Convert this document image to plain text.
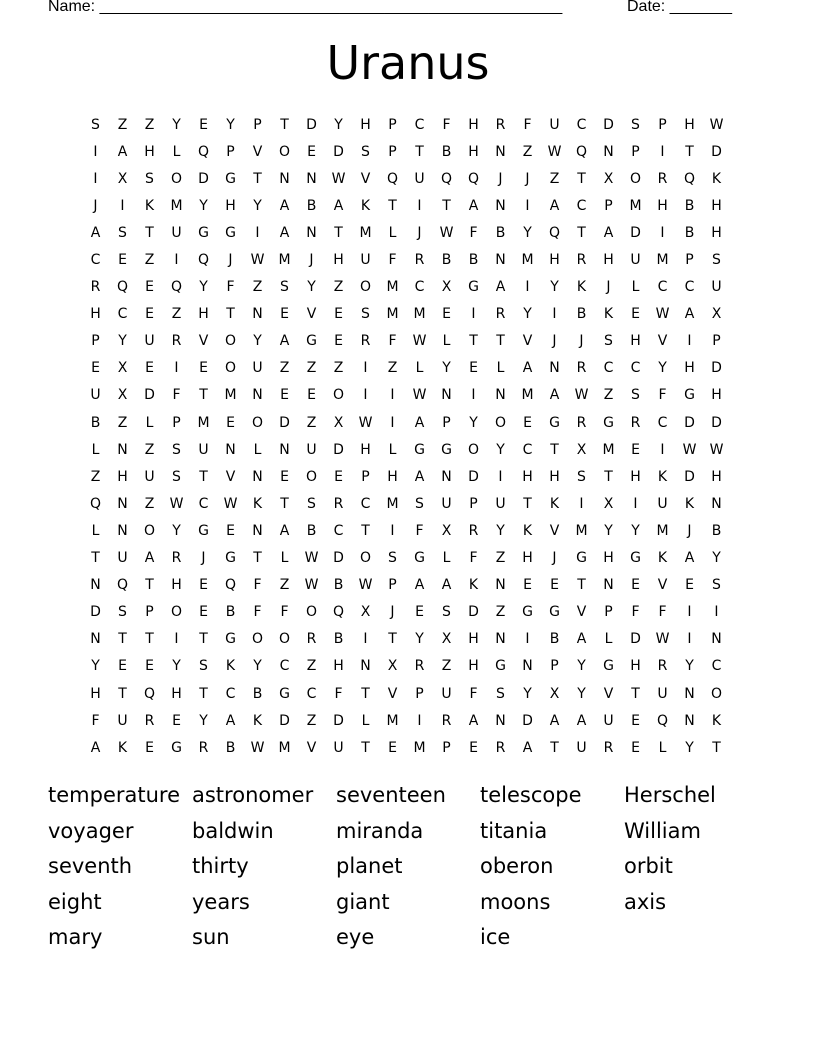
Name: ____________________________________________________	Date: _______
Uranus
S	Z	Z	Y	E	Y	P	T	D	Y	H	P	C	F	H	R	F	U	C	D	S	P	H	W
I	A	H	L	Q	P	V	O	E	D	S	P	T	B	H	N	Z	W	Q	N	P	I	T	D
I	X	S	O	D	G	T	N	N	W	V	Q	U	Q	Q	J	J	Z	T	X	O	R	Q	K
J	I	K	M	Y	H	Y	A	B	A	K	T	I	T	A	N	I	A	C	P	M	H	B	H
A	S	T	U	G	G	I	A	N	T	M	L	J	W	F	B	Y	Q	T	A	D	I	B	H
C	E	Z	I	Q	J	W	M	J	H	U	F	R	B	B	N	M	H	R	H	U	M	P	S
R	Q	E	Q	Y	F	Z	S	Y	Z	O	M	C	X	G	A	I	Y	K	J	L	C	C	U
H	C	E	Z	H	T	N	E	V	E	S	M	M	E	I	R	Y	I	B	K	E	W	A	X
P	Y	U	R	V	O	Y	A	G	E	R	F	W	L	T	T	V	J	J	S	H	V	I	P
E	X	E	I	E	O	U	Z	Z	Z	I	Z	L	Y	E	L	A	N	R	C	C	Y	H	D
U	X	D	F	T	M	N	E	E	O	I	I	W	N	I	N	M	A	W	Z	S	F	G	H
B	Z	L	P	M	E	O	D	Z	X	W	I	A	P	Y	O	E	G	R	G	R	C	D	D
L	N	Z	S	U	N	L	N	U	D	H	L	G	G	O	Y	C	T	X	M	E	I	W W
Z	H	U	S	T	V	N	E	O	E	P	H	A	N	D	I	H	H	S	T	H	K	D	H
Q	N	Z	W	C	W	K	T	S	R	C	M	S	U	P	U	T	K	I	X	I	U	K	N
L	N	O	Y	G	E	N	A	B	C	T	I	F	X	R	Y	K	V	M	Y	Y	M	J	B
T	U	A	R	J	G	T	L	W	D	O	S	G	L	F	Z	H	J	G	H	G	K	A	Y
N	Q	T	H	E	Q	F	Z	W	B	W	P	A	A	K	N	E	E	T	N	E	V	E	S
D	S	P	O	E	B	F	F	O	Q	X	J	E	S	D	Z	G	G	V	P	F	F	I	I
N	T	T	I	T	G	O	O	R	B	I	T	Y	X	H	N	I	B	A	L	D	W	I	N
Y	E	E	Y	S	K	Y	C	Z	H	N	X	R	Z	H	G	N	P	Y	G	H	R	Y	C
H	T	Q	H	T	C	B	G	C	F	T	V	P	U	F	S	Y	X	Y	V	T	U	N	O
F	U	R	E	Y	A	K	D	Z	D	L	M	I	R	A	N	D	A	A	U	E	Q	N	K
A	K	E	G	R	B	W	M	V	U	T	E	M	P	E	R	A	T	U	R	E	L	Y	T
temperature astronomer	seventeen	telescope	Herschel
voyager	baldwin	miranda	titania	William
seventh	thirty	planet	oberon	orbit
eight	years	giant	moons	axis
mary	sun	eye	ice
